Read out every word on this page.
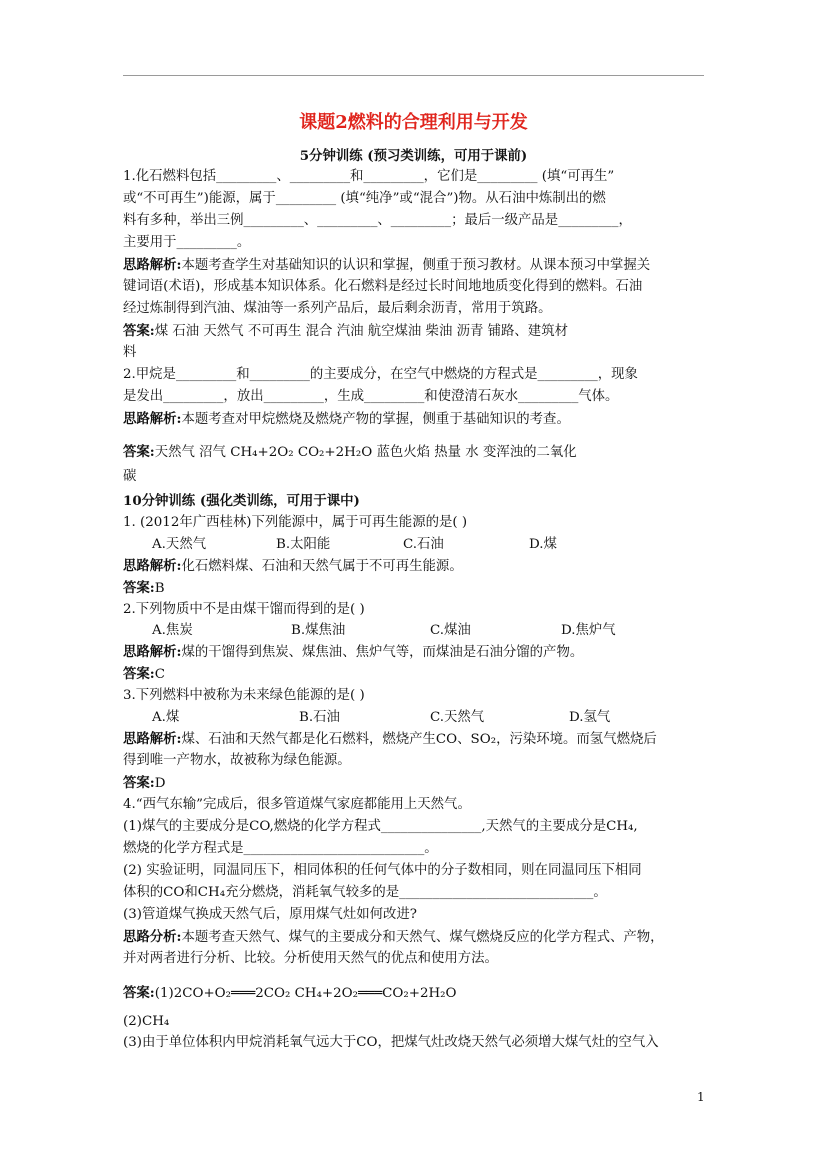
课题2燃料的合理利用与开发
5分钟训练 (预习类训练，可用于课前)
1.化石燃料包括_________、_________和_________，它们是_________ (填“可再生”
或“不可再生”)能源，属于_________ (填“纯净”或“混合”)物。从石油中炼制出的燃
料有多种，举出三例_________、_________、_________；最后一级产品是_________，
主要用于_________。
思路解析:本题考查学生对基础知识的认识和掌握，侧重于预习教材。从课本预习中掌握关
键词语(术语)，形成基本知识体系。化石燃料是经过长时间地地质变化得到的燃料。石油
经过炼制得到汽油、煤油等一系列产品后，最后剩余沥青，常用于筑路。
答案:煤 石油 天然气 不可再生 混合 汽油 航空煤油 柴油 沥青 铺路、建筑材
料
2.甲烷是_________和_________的主要成分，在空气中燃烧的方程式是_________，现象
是发出_________，放出_________，生成_________和使澄清石灰水_________气体。
思路解析:本题考查对甲烷燃烧及燃烧产物的掌握，侧重于基础知识的考查。
答案:天然气 沼气 CH₄+2O₂ CO₂+2H₂O 蓝色火焰 热量 水 变浑浊的二氧化
碳
10分钟训练 (强化类训练，可用于课中)
1. (2012年广西桂林)下列能源中，属于可再生能源的是( )
A.天然气	B.太阳能	C.石油	D.煤
思路解析:化石燃料煤、石油和天然气属于不可再生能源。
答案:B
2.下列物质中不是由煤干馏而得到的是( )
A.焦炭	B.煤焦油	C.煤油	D.焦炉气
思路解析:煤的干馏得到焦炭、煤焦油、焦炉气等，而煤油是石油分馏的产物。
答案:C
3.下列燃料中被称为未来绿色能源的是( )
A.煤	B.石油	C.天然气	D.氢气
思路解析:煤、石油和天然气都是化石燃料，燃烧产生CO、SO₂，污染环境。而氢气燃烧后
得到唯一产物水，故被称为绿色能源。
答案:D
4.“西气东输”完成后，很多管道煤气家庭都能用上天然气。
(1)煤气的主要成分是CO,燃烧的化学方程式_______________,天然气的主要成分是CH₄,
燃烧的化学方程式是___________________________。
(2) 实验证明，同温同压下，相同体积的任何气体中的分子数相同，则在同温同压下相同
体积的CO和CH₄充分燃烧，消耗氧气较多的是_____________________________。
(3)管道煤气换成天然气后，原用煤气灶如何改进?
思路分析:本题考查天然气、煤气的主要成分和天然气、煤气燃烧反应的化学方程式、产物，
并对两者进行分析、比较。分析使用天然气的优点和使用方法。
答案:(1)2CO+O₂═══2CO₂ CH₄+2O₂═══CO₂+2H₂O
(2)CH₄
(3)由于单位体积内甲烷消耗氧气远大于CO，把煤气灶改烧天然气必须增大煤气灶的空气入
1
